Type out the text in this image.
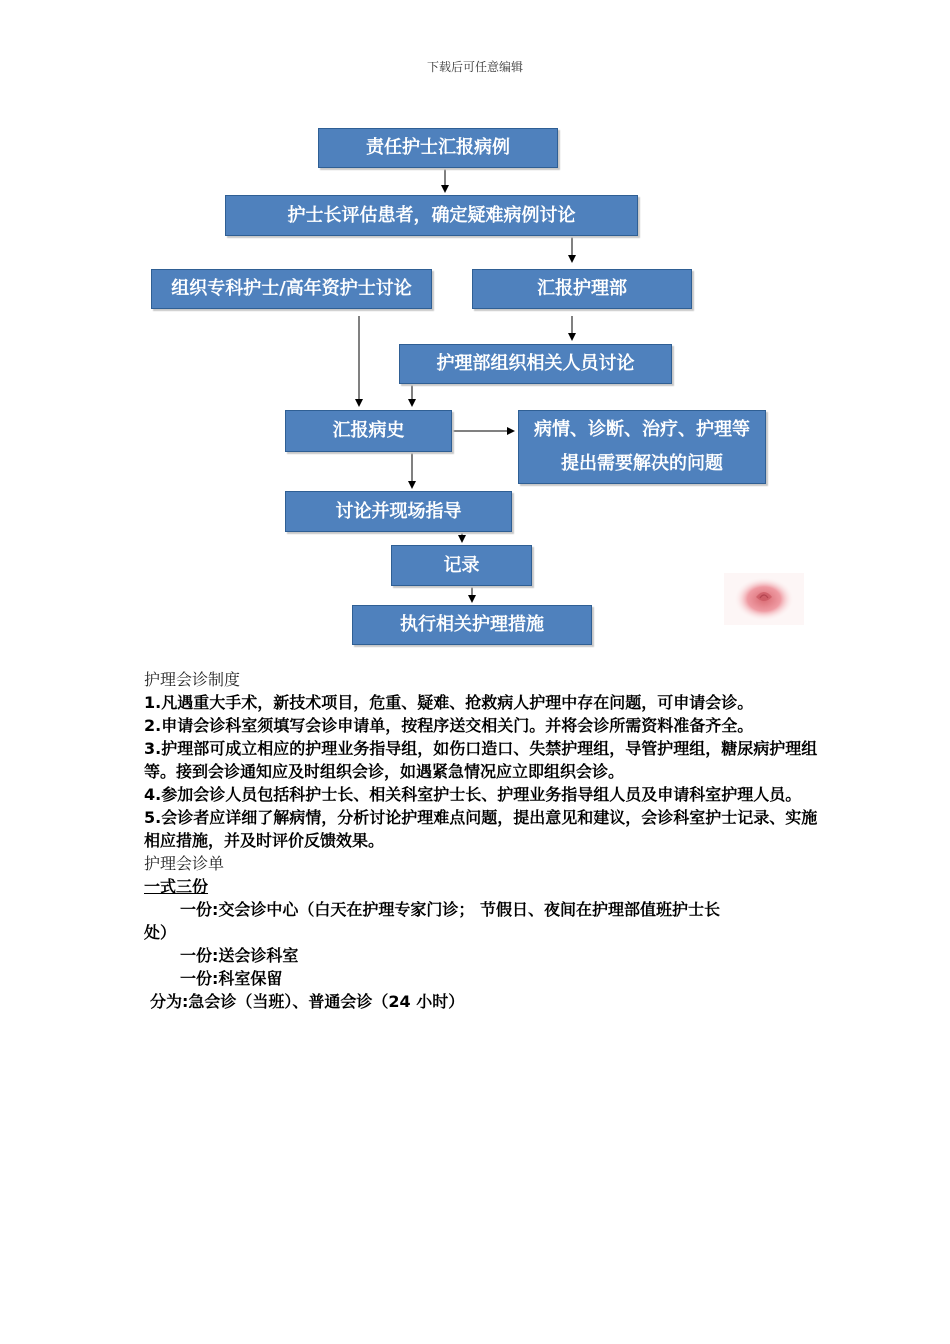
下载后可任意编辑
责任护士汇报病例
护士长评估患者，确定疑难病例讨论
组织专科护士/高年资护士讨论	汇报护理部
护理部组织相关人员讨论
汇报病史	病情、诊断、治疗、护理等
提出需要解决的问题
讨论并现场指导
记录
执行相关护理措施

护理会诊制度

1.凡遇重大手术，新技术项目，危重、疑难、抢救病人护理中存在问题，可申请会诊。

2.申请会诊科室须填写会诊申请单，按程序送交相关门。并将会诊所需资料准备齐全。

3.护理部可成立相应的护理业务指导组，如伤口造口、失禁护理组，导管护理组，糖尿病护理组等。接到会诊通知应及时组织会诊，如遇紧急情况应立即组织会诊。

4.参加会诊人员包括科护士长、相关科室护士长、护理业务指导组人员及申请科室护理人员。

5.会诊者应详细了解病情，分析讨论护理难点问题，提出意见和建议，会诊科室护士记录、实施相应措施，并及时评价反馈效果。

护理会诊单

一式三份

一份:交会诊中心（白天在护理专家门诊； 节假日、夜间在护理部值班护士长

处）

一份:送会诊科室

一份:科室保留

分为:急会诊（当班）、普通会诊（24 小时）
